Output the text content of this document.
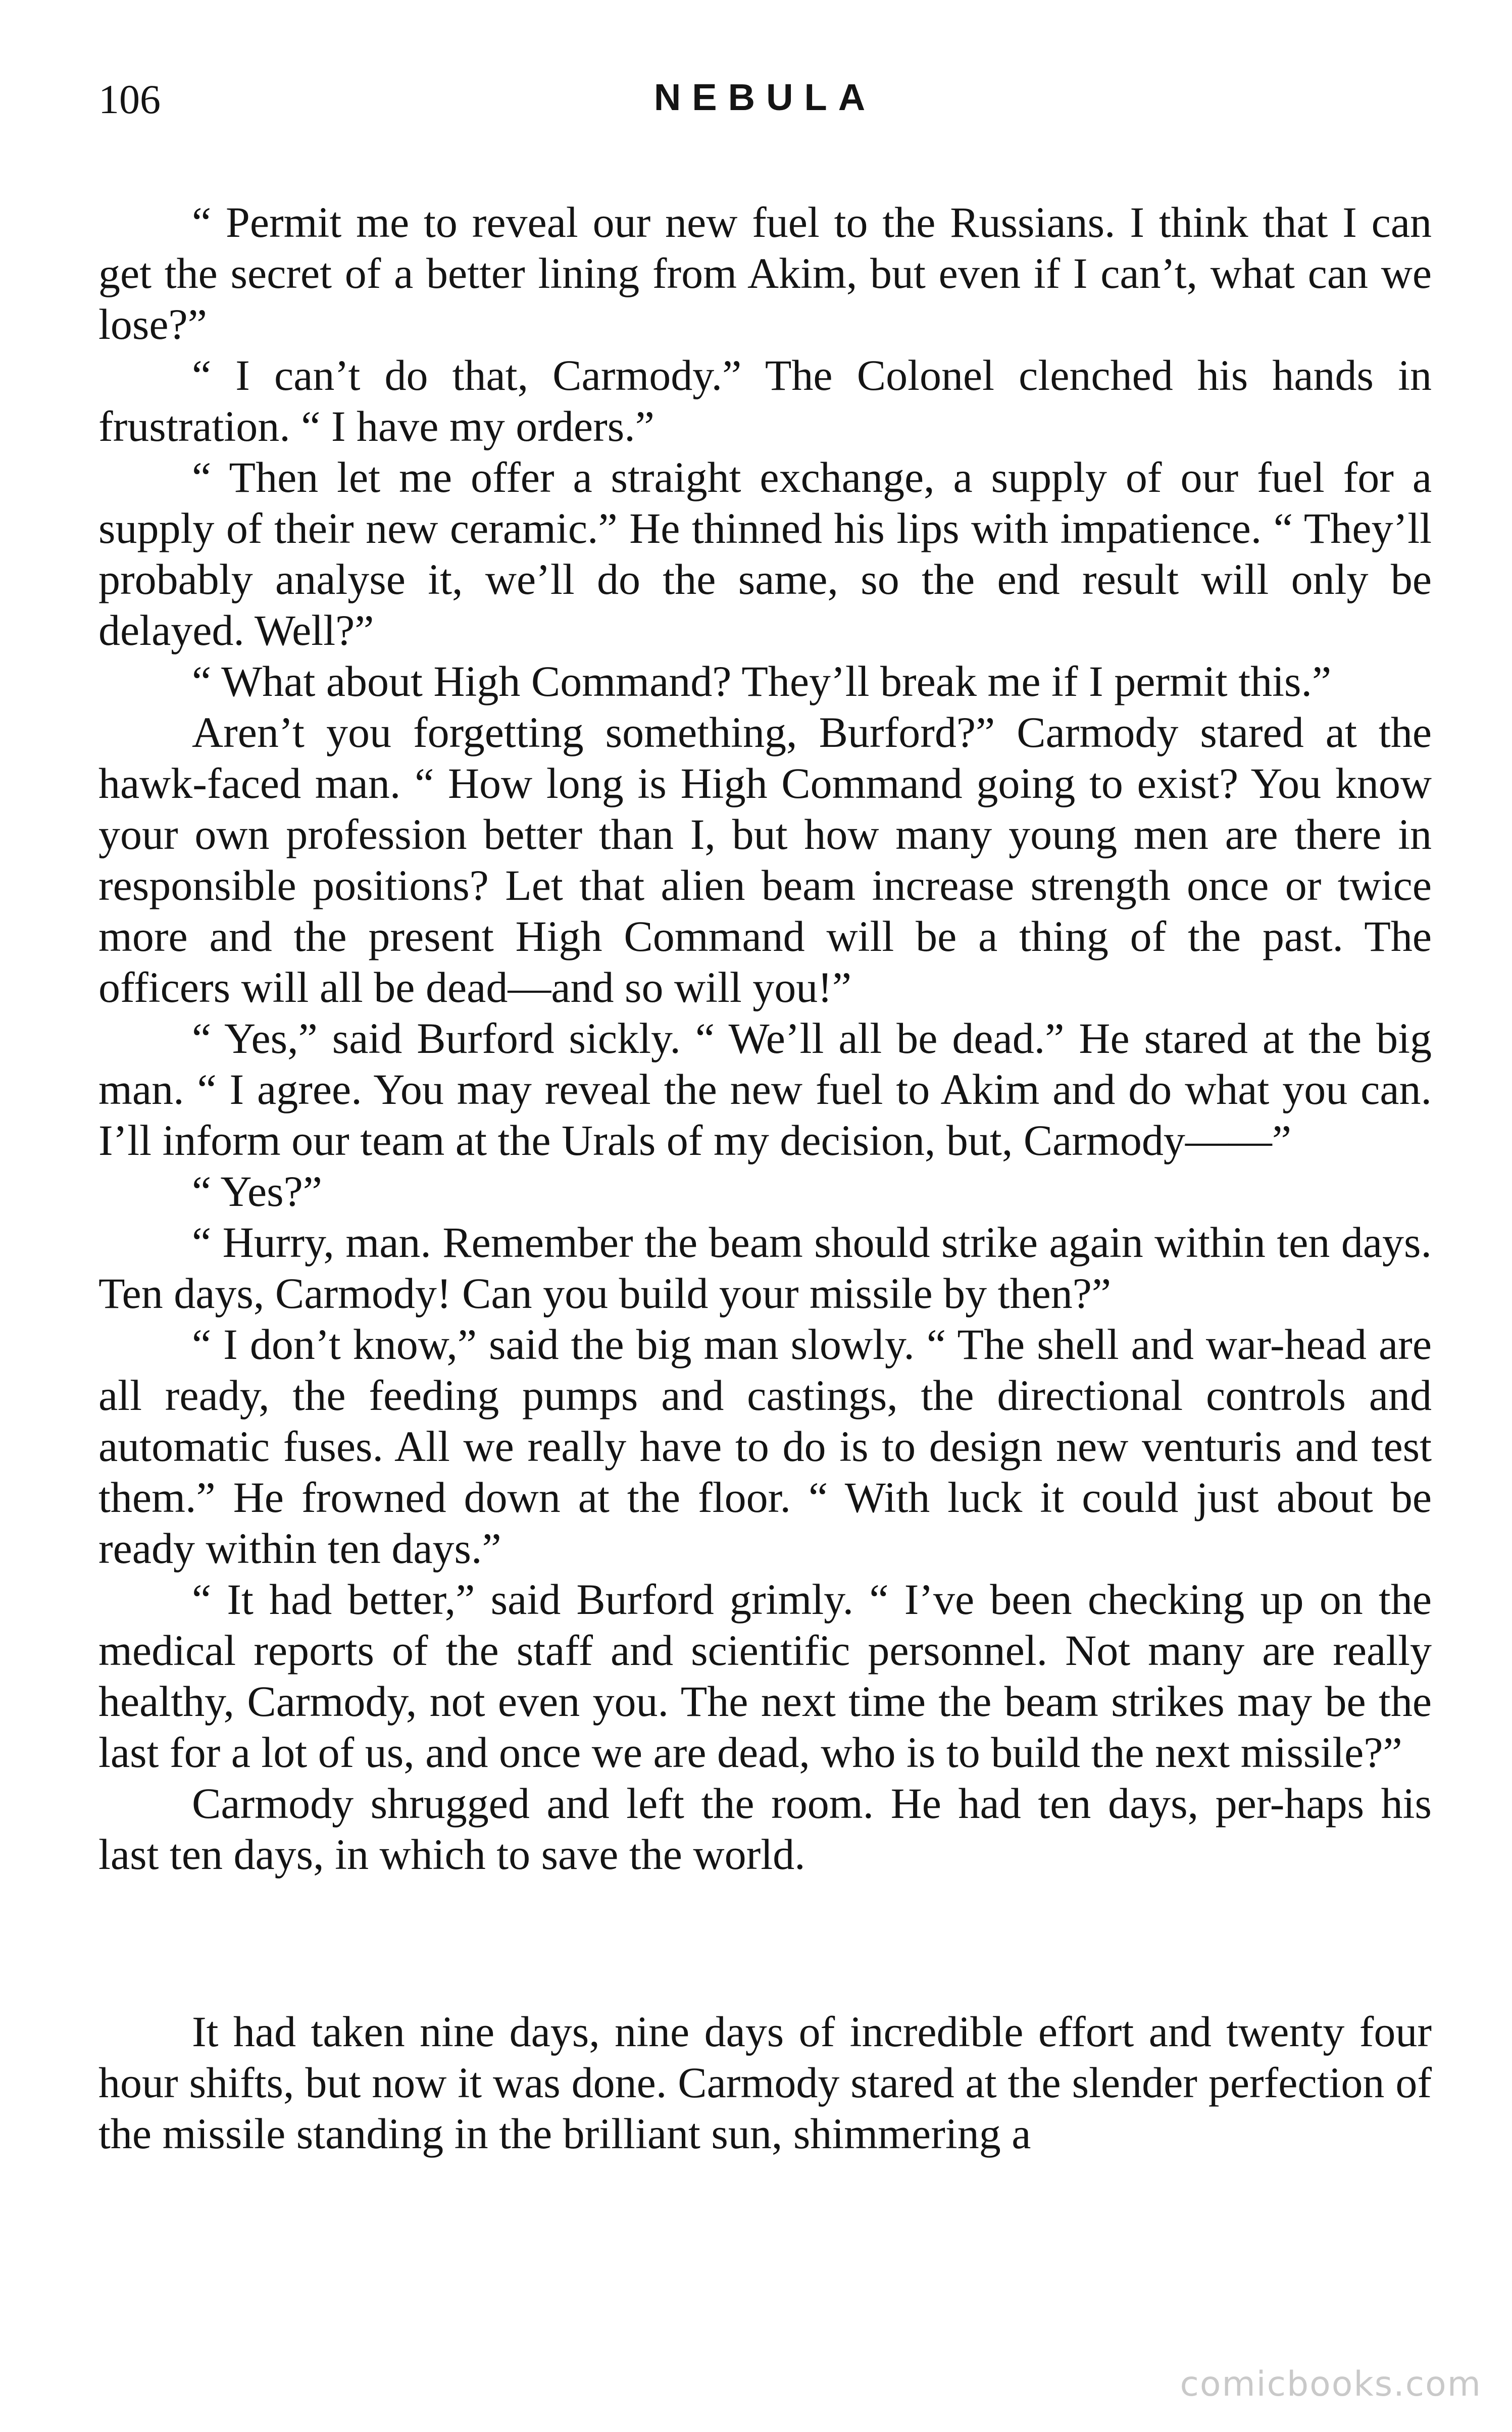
106	NEBULA

“ Permit me to reveal our new fuel to the Russians. I think that I can get the secret of a better lining from Akim, but even if I can’t, what can we lose?”

“ I can’t do that, Carmody.” The Colonel clenched his hands in frustration. “ I have my orders.”

“ Then let me offer a straight exchange, a supply of our fuel for a supply of their new ceramic.” He thinned his lips with impatience. “ They’ll probably analyse it, we’ll do the same, so the end result will only be delayed. Well?”

“ What about High Command? They’ll break me if I permit this.”

Aren’t you forgetting something, Burford?” Carmody stared at the hawk-faced man. “ How long is High Command going to exist? You know your own profession better than I, but how many young men are there in responsible positions? Let that alien beam increase strength once or twice more and the present High Command will be a thing of the past. The officers will all be dead—and so will you!”

“ Yes,” said Burford sickly. “ We’ll all be dead.” He stared at the big man. “ I agree. You may reveal the new fuel to Akim and do what you can. I’ll inform our team at the Urals of my decision, but, Carmody——”

“ Yes?”

“ Hurry, man. Remember the beam should strike again within ten days. Ten days, Carmody! Can you build your missile by then?”

“ I don’t know,” said the big man slowly. “ The shell and war-head are all ready, the feeding pumps and castings, the directional controls and automatic fuses. All we really have to do is to design new venturis and test them.” He frowned down at the floor. “ With luck it could just about be ready within ten days.”

“ It had better,” said Burford grimly. “ I’ve been checking up on the medical reports of the staff and scientific personnel. Not many are really healthy, Carmody, not even you. The next time the beam strikes may be the last for a lot of us, and once we are dead, who is to build the next missile?”

Carmody shrugged and left the room. He had ten days, per-haps his last ten days, in which to save the world.

It had taken nine days, nine days of incredible effort and twenty four hour shifts, but now it was done. Carmody stared at the slender perfection of the missile standing in the brilliant sun, shimmering a

comicbooks.com
